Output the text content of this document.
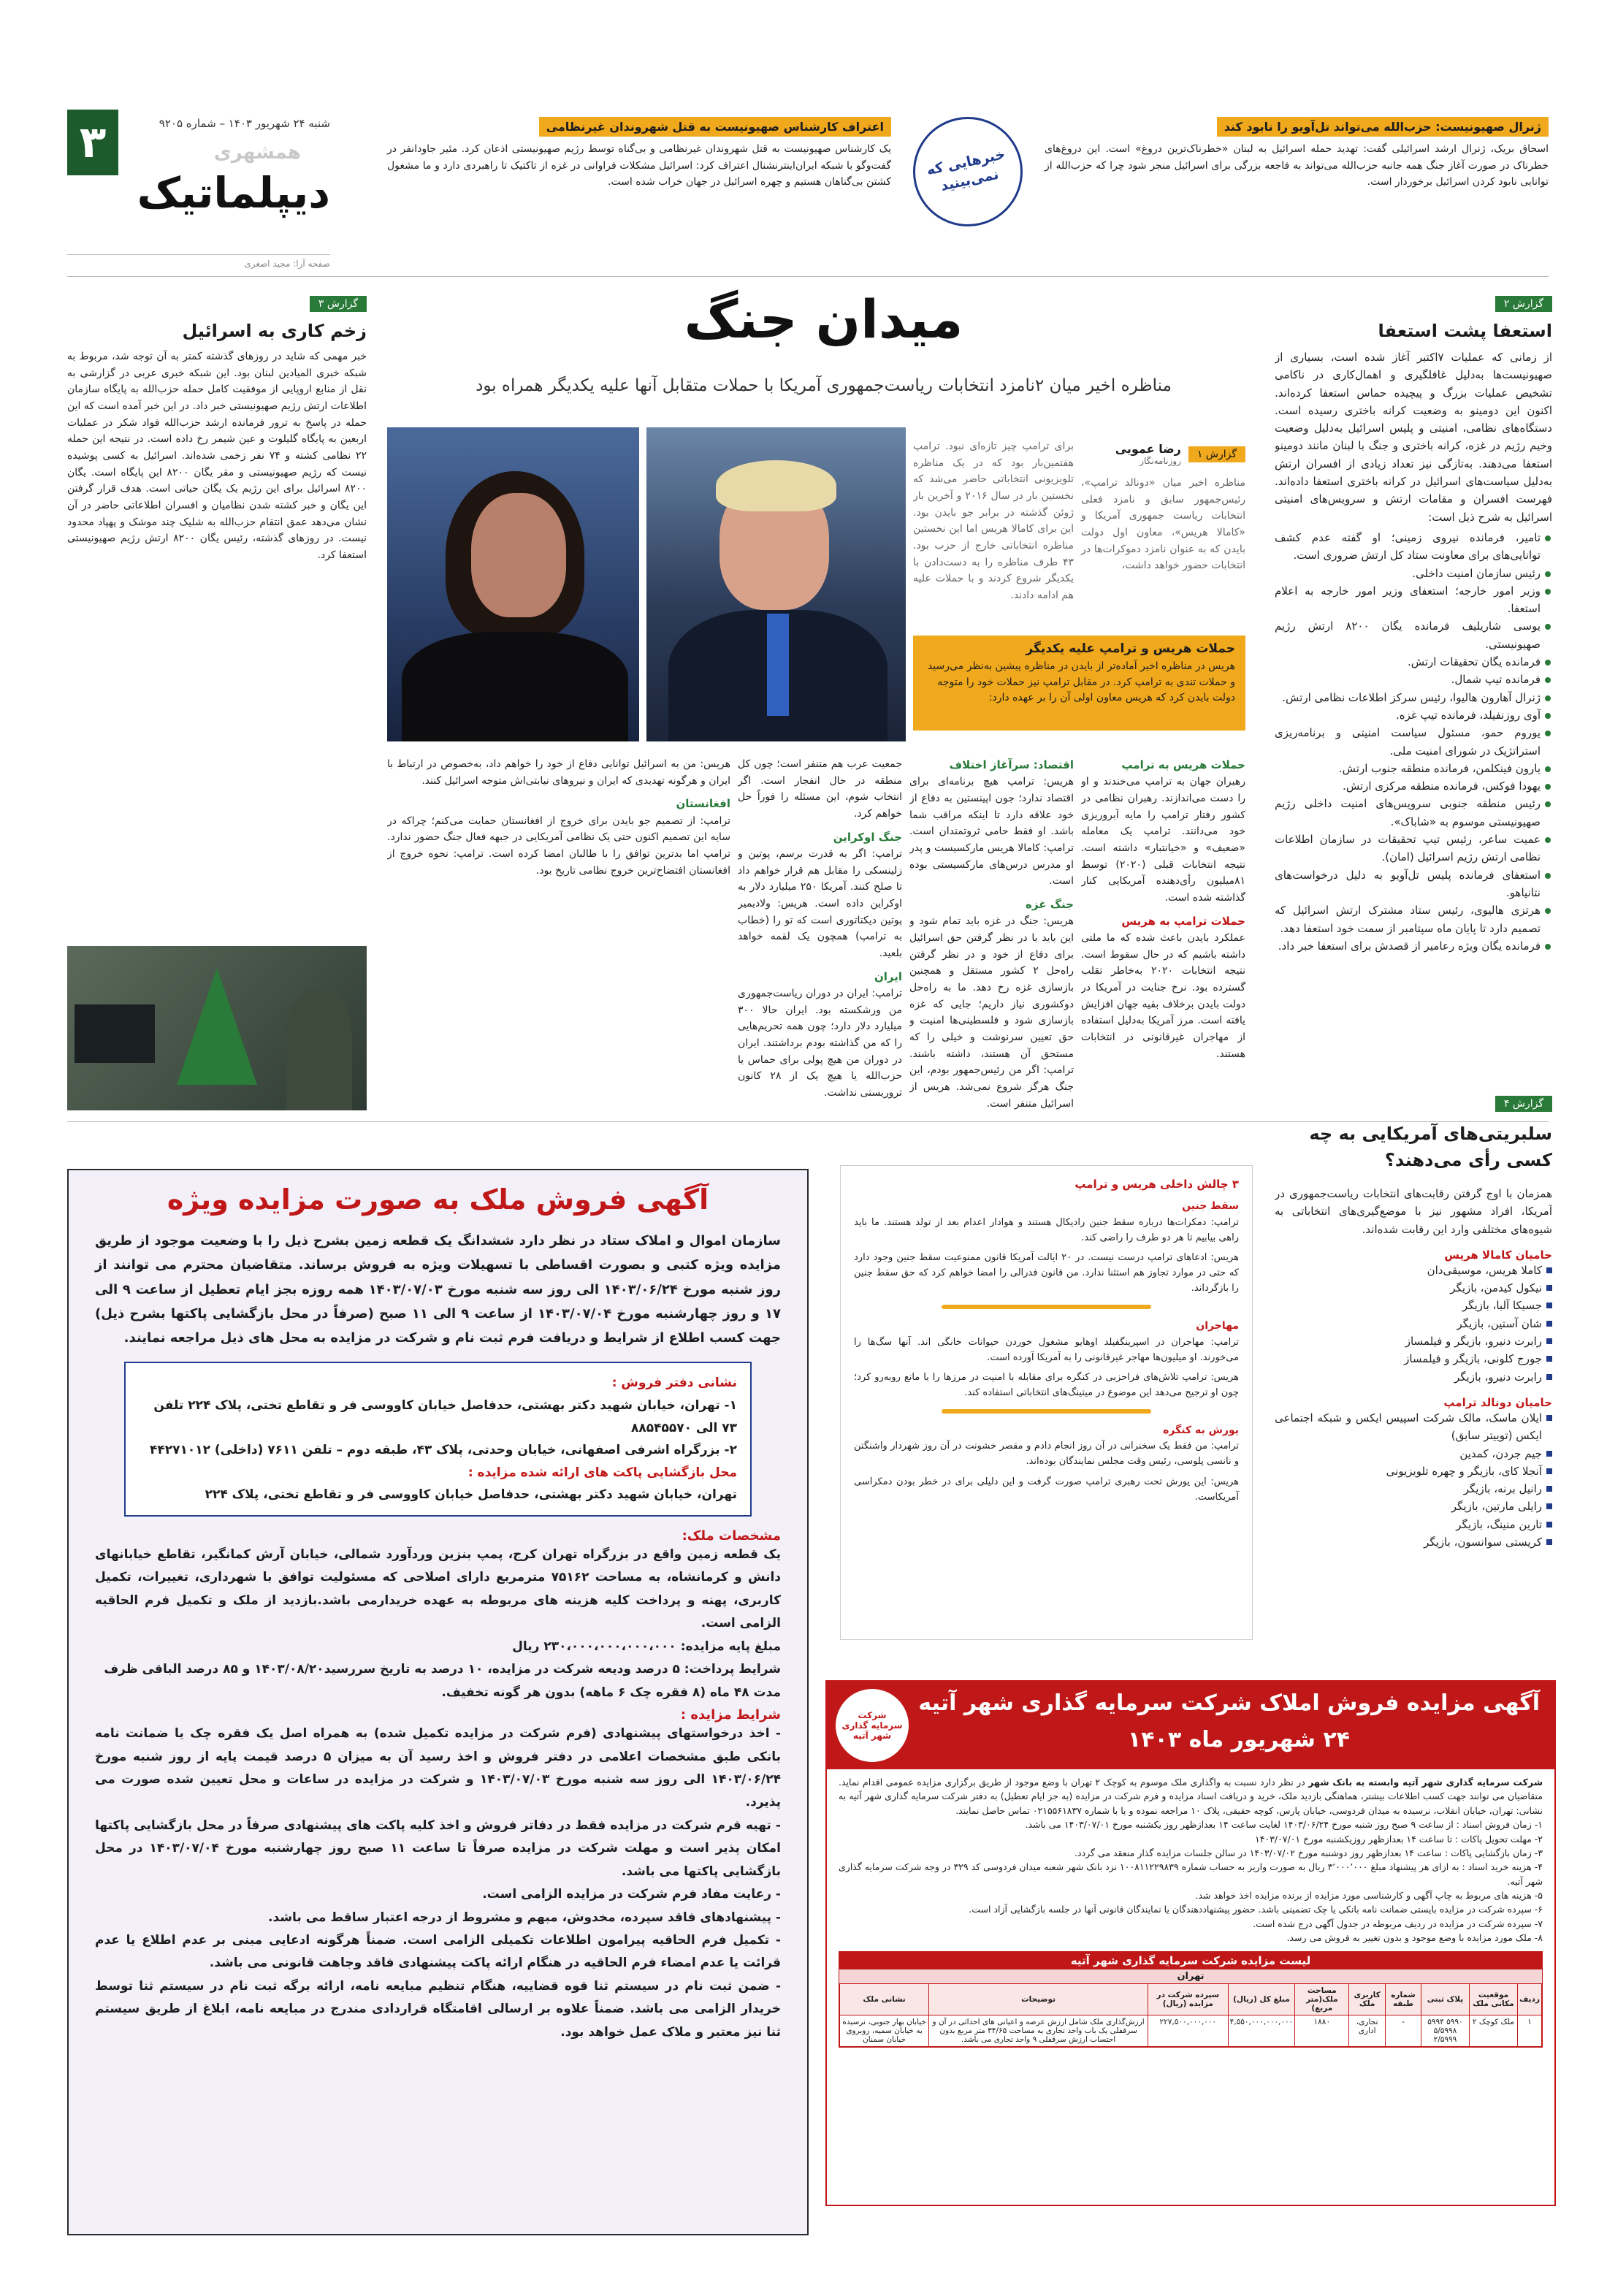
۳	شنبه ۲۴ شهریور ۱۴۰۳ – شماره ۹۲۰۵
همشهری
دیپلماتیک
صفحه آرا: مجید اصغری
ژنرال صهیونیست: حزب‌الله می‌تواند تل‌آویو را نابود کند
اسحاق بریک، ژنرال ارشد اسرائیلی گفت: تهدید حمله اسرائیل به لبنان «خطرناک‌ترین دروغ» است. این دروغ‌های خطرناک در صورت آغاز جنگ همه جانبه حزب‌الله می‌تواند به فاجعه بزرگی برای اسرائیل منجر شود چرا که حزب‌الله از توانایی نابود کردن اسرائیل برخوردار است.
خبرهایی که نمی‌بینید
اعتراف کارشناس صهیونیست به قتل شهروندان غیرنظامی
یک کارشناس صهیونیست به قتل شهروندان غیرنظامی و بی‌گناه توسط رژیم صهیونیستی اذعان کرد. مئیر جاودانفر در گفت‌وگو با شبکه ایران‌اینترنشنال اعتراف کرد: اسرائیل مشکلات فراوانی در غزه از تاکتیک تا راهبردی دارد و ما مشغول کشتن بی‌گناهان هستیم و چهره اسرائیل در جهان خراب شده است.
گزارش ۲
استعفا پشت استعفا
از زمانی که عملیات ۷اکتبر آغاز شده است، بسیاری از صهیونیست‌ها به‌دلیل غافلگیری و اهمال‌کاری در ناکامی تشخیص عملیات بزرگ و پیچیده حماس استعفا کرده‌اند. اکنون این دومینو به وضعیت کرانه باختری رسیده است. دستگاه‌های نظامی، امنیتی و پلیس اسرائیل به‌دلیل وضعیت وخیم رژیم در غزه، کرانه باختری و جنگ با لبنان مانند دومینو استعفا می‌دهند. به‌تازگی نیز تعداد زیادی از افسران ارتش به‌دلیل سیاست‌های اسرائیل در کرانه باختری استعفا داده‌اند. فهرست افسران و مقامات ارتش و سرویس‌های امنیتی اسرائیل به شرح ذیل است:

تامیر، فرمانده نیروی زمینی؛ او گفته عدم کشف توانایی‌های برای معاونت ستاد کل ارتش ضروری است.

رئیس سازمان امنیت داخلی.

وزیر امور خارجه؛ استعفای وزیر امور خارجه به اعلام استعفا.

یوسی شاریلیف فرمانده یگان ۸۲۰۰ ارتش رژیم صهیونیستی.

فرمانده یگان تحقیقات ارتش.

فرمانده تیپ شمال.

ژنرال آهارون هالیوا، رئیس سرکز اطلاعات نظامی ارتش.

آوی روزنفیلد، فرمانده تیپ غزه.

یوروم حمو، مسئول سیاست امنیتی و برنامه‌ریزی استراتژیک در شورای امنیت ملی.

یارون فینکلمن، فرمانده منطقه جنوب ارتش.

یهودا فوکس، فرمانده منطقه مرکزی ارتش.

رئیس منطقه جنوبی سرویس‌های امنیت داخلی رژیم صهیونیستی موسوم به «شاباک».

عمیت ساعر، رئیس تیپ تحقیقات در سازمان اطلاعات نظامی ارتش رژیم اسرائیل (امان).

استعفای فرمانده پلیس تل‌آویو به دلیل درخواست‌های نتانیاهو.

هرتزی هالیوی، رئیس ستاد مشترک ارتش اسرائیل که تصمیم دارد تا پایان ماه سپتامبر از سمت خود استعفا دهد.

فرمانده یگان ویژه رعامیر از قصدش برای استعفا خبر داد.

گزارش ۴
سلبریتی‌های آمریکایی به چه کسی رأی می‌دهند؟
همزمان با اوج گرفتن رقابت‌های انتخابات ریاست‌جمهوری در آمریکا، افراد مشهور نیز با موضع‌گیری‌های انتخاباتی به شیوه‌های مختلفی وارد این رقابت شده‌اند.
حامیان کامالا هریس

کاملا هریس، موسیقی‌دان

نیکول کیدمن، بازیگر

جسیکا آلبا، بازیگر

شان آستین، بازیگر

رابرت دنیرو، بازیگر و فیلمساز

جورج کلونی، بازیگر و فیلمساز

رابرت دنیرو، بازیگر

حامیان دونالد ترامپ

ایلان ماسک، مالک شرکت اسپیس ایکس و شبکه اجتماعی ایکس (توییتر سابق)

جیم جردن، کمدین

آنجلا کای، بازیگر و چهره تلویزیونی

رانیل برنه، بازیگر

رایلی مارتین، بازیگر

تارین منینگ، بازیگر

کریستی سوانسون، بازیگر

میدان جنگ
مناظره اخیر میان ۲نامزد انتخابات ریاست‌جمهوری آمریکا با حملات متقابل آنها علیه یکدیگر همراه بود
گزارش ۱
رضا عمویی
روزنامه‌نگار
مناظره اخیر میان «دونالد ترامپ»، رئیس‌جمهور سابق و نامزد فعلی انتخابات ریاست جمهوری آمریکا و «کامالا هریس»، معاون اول دولت بایدن که به عنوان نامزد دموکرات‌ها در انتخابات حضور خواهد داشت،
برای ترامپ چیز تازه‌ای نبود. ترامپ هفتمین‌بار بود که در یک مناظره تلویزیونی انتخاباتی حاضر می‌شد که نخستین بار در سال ۲۰۱۶ و آخرین بار ژوئن گذشته در برابر جو بایدن بود. این برای کامالا هریس اما این نخستین مناظره انتخاباتی خارج از حزب بود. ۴۳ طرف مناظره را به دست‌دادن با یکدیگر شروع کردند و با حملات علیه هم ادامه دادند.
حملات هریس و ترامپ علیه یکدیگر
هریس در مناظره اخیر آماده‌تر از بایدن در مناظره پیشین به‌نظر می‌رسید و حملات تندی به ترامپ کرد. در مقابل ترامپ نیز حملات خود را متوجه دولت بایدن کرد که هریس معاون اولی آن را بر عهده دارد:
حملات هریس به ترامپ

رهبران جهان به ترامپ می‌خندند و او را دست می‌اندازند. رهبران نظامی در کشور رفتار ترامپ را مایه آبروریزی خود می‌دانند. ترامپ یک معامله «ضعیف» و «خیانتبار» داشته است. نتیجه انتخابات قبلی (۲۰۲۰) توسط ۸۱میلیون رأی‌دهنده آمریکایی کنار گذاشته شده است.

حملات ترامپ به هریس

عملکرد بایدن باعث شده که ما ملتی داشته باشیم که در حال سقوط است. نتیجه انتخابات ۲۰۲۰ به‌خاطر تقلب گسترده بود. نرخ جنایت در آمریکا در دولت بایدن برخلاف بقیه جهان افزایش یافته است. مرز آمریکا به‌دلیل استفاده از مهاجران غیرقانونی در انتخابات هستند.

اقتصاد: سرآغاز اختلاف

هریس: ترامپ هیچ برنامه‌ای برای اقتصاد ندارد؛ جون اپینستین به دفاع از خود علاقه دارد تا اینکه مراقب شما باشد. او فقط حامی ثروتمندان است. ترامپ: کامالا هریس مارکسیست و پدر او مدرس درس‌های مارکسیستی بوده است.

جنگ غزه

هریس: جنگ در غزه باید تمام شود و این باید با در نظر گرفتن حق اسرائیل برای دفاع از خود و در نظر گرفتن راه‌حل ۲ کشور مستقل و همچنین بازسازی غزه رخ دهد. ما به راه‌حل دوکشوری نیاز داریم؛ جایی که غزه بازسازی شود و فلسطینی‌ها امنیت و حق تعیین سرنوشت و خیلی را که مستحق آن هستند، داشته باشند. ترامپ: اگر من رئیس‌جمهور بودم، این جنگ هرگز شروع نمی‌شد. هریس از اسرائیل متنفر است.

جمعیت عرب هم متنفر است؛ چون کل منطقه در حال انفجار است. اگر انتخاب شوم، این مسئله را فوراً حل خواهم کرد.

جنگ اوکراین

ترامپ: اگر به قدرت برسم، پوتین و زلینسکی را مقابل هم قرار خواهم داد تا صلح کنند. آمریکا ۲۵۰ میلیارد دلار به اوکراین داده است. هریس: ولادیمیر پوتین دیکتاتوری است که تو را (خطاب به ترامپ) همچون یک لقمه خواهد بلعید.

ایران

ترامپ: ایران در دوران ریاست‌جمهوری من ورشکسته بود. ایران حالا ۳۰۰ میلیارد دلار دارد؛ چون همه تحریم‌هایی را که من گذاشته بودم برداشتند. ایران در دوران من هیچ پولی برای حماس یا حزب‌الله یا هیچ یک از ۲۸ کانون تروریستی نداشت.

هریس: من به اسرائیل توانایی دفاع از خود را خواهم داد، به‌خصوص در ارتباط با ایران و هرگونه تهدیدی که ایران و نیروهای نیابتی‌اش متوجه اسرائیل کنند.

افغانستان

ترامپ: از تصمیم جو بایدن برای خروج از افغانستان حمایت می‌کنم؛ چراکه در سایه این تصمیم اکنون حتی یک نظامی آمریکایی در جبهه فعال جنگ حضور ندارد. ترامپ اما بدترین توافق را با طالبان امضا کرده است. ترامپ: نحوه خروج از افغانستان افتضاح‌ترین خروج نظامی تاریخ بود.

گزارش ۳
زخم کاری به اسرائیل
خبر مهمی که شاید در روزهای گذشته کمتر به آن توجه شد، مربوط به شبکه خبری الميادين لبنان بود. این شبکه خبری عربی در گزارشی به نقل از منابع اروپایی از موفقیت کامل حمله حزب‌الله به پایگاه سازمان اطلاعات ارتش رژیم صهیونیستی خبر داد. در این خبر آمده است که این حمله در پاسخ به ترور فرمانده ارشد حزب‌الله فواد شکر در عملیات اربعین به پایگاه گلیلوت و عین شیمر رخ داده است. در نتیجه این حمله ۲۲ نظامی کشته و ۷۴ نفر زخمی شده‌اند. اسرائیل به کسی پوشیده نیست که رژیم صهیونیستی و مقر یگان ۸۲۰۰ این پایگاه است. یگان ۸۲۰۰ اسرائیل برای این رژیم یک یگان حیاتی است. هدف قرار گرفتن این یگان و خبر کشته شدن نظامیان و افسران اطلاعاتی حاضر در آن نشان می‌دهد عمق انتقام حزب‌الله به شلیک چند موشک و پهپاد محدود نیست. در روزهای گذشته، رئیس یگان ۸۲۰۰ ارتش رژیم صهیونیستی استعفا کرد.
۳ چالش داخلی هریس و ترامپ
سقط جنین

ترامپ: دمکرات‌ها درباره سقط جنین رادیکال هستند و هوادار اعدام بعد از تولد هستند. ما باید راهی بیابیم تا هر دو طرف را راضی کند.

هریس: ادعاهای ترامپ درست نیست. در ۲۰ ایالت آمریکا قانون ممنوعیت سقط جنین وجود دارد که حتی در موارد تجاوز هم استثنا ندارد. من قانون فدرالی را امضا خواهم کرد که حق سقط جنین را بازگرداند.

مهاجران

ترامپ: مهاجران در اسپرینگفیلد اوهایو مشغول خوردن حیوانات خانگی اند. آنها سگ‌ها را می‌خورند. او میلیون‌ها مهاجر غیرقانونی را به آمریکا آورده است.

هریس: ترامپ تلاش‌های فراحزبی در کنگره برای مقابله با امنیت در مرزها را با مانع روبه‌رو کرد؛ چون او ترجیح می‌دهد این موضوع در میتینگ‌های انتخاباتی استفاده کند.

یورش به کنگره

ترامپ: من فقط یک سخنرانی در آن روز انجام دادم و مقصر خشونت در آن روز شهردار واشنگتن و نانسی پلوسی، رئیس وقت مجلس نمایندگان بوده‌اند.

هریس: این یورش تحت رهبری ترامپ صورت گرفت و این دلیلی برای در خطر بودن دمکراسی آمریکاست.

آگهی فروش ملک به صورت مزایده ویژه
سازمان اموال و املاک ستاد در نظر دارد ششدانگ یک قطعه زمین بشرح ذیل را با وضعیت موجود از طریق مزایده ویژه کتبی و بصورت اقساطی با تسهیلات ویژه به فروش برساند. متقاضیان محترم می توانند از روز شنبه مورخ ۱۴۰۳/۰۶/۲۴ الی روز سه شنبه مورخ ۱۴۰۳/۰۷/۰۳ همه روزه بجز ایام تعطیل از ساعت ۹ الی ۱۷ و روز چهارشنبه مورخ ۱۴۰۳/۰۷/۰۴ از ساعت ۹ الی ۱۱ صبح (صرفاً در محل بازگشایی پاکتها بشرح ذیل) جهت کسب اطلاع از شرایط و دریافت فرم ثبت نام و شرکت در مزایده به محل های ذیل مراجعه نمایند.
نشانی دفتر فروش :
۱- تهران، خیابان شهید دکتر بهشتی، حدفاصل خیابان کاووسی فر و تقاطع تختی، پلاک ۲۲۴ تلفن ۷۳ الی ۸۸۵۴۵۵۷۰
۲- بزرگراه اشرفی اصفهانی، خیابان وحدتی، پلاک ۴۳، طبقه دوم – تلفن ۷۶۱۱ (داخلی) ۴۴۲۷۱۰۱۲
محل بازگشایی پاکت های ارائه شده مزایده :
تهران، خیابان شهید دکتر بهشتی، حدفاصل خیابان کاووسی فر و تقاطع تختی، پلاک ۲۲۴
مشخصات ملک:
یک قطعه زمین واقع در بزرگراه تهران کرج، پمپ بنزین وردآورد شمالی، خیابان آرش کمانگیر، تقاطع خیابانهای دانش و کرمانشاه، به مساحت ۷۵۱۶۲ مترمربع دارای اصلاحی که مسئولیت توافق با شهرداری، تغییرات، تکمیل کاربری، پهنه و پرداخت کلیه هزینه های مربوطه به عهده خریدارمی باشد.بازدید از ملک و تکمیل فرم الحاقیه الزامی است.
مبلغ پایه مزایده: ۲۳۰،۰۰۰،۰۰۰،۰۰۰،۰۰۰ ریال
شرایط پرداخت: ۵ درصد ودیعه شرکت در مزایده، ۱۰ درصد به تاریخ سررسید۱۴۰۳/۰۸/۲۰ و ۸۵ درصد الباقی ظرف مدت ۴۸ ماه (۸ فقره چک ۶ ماهه) بدون هر گونه تخفیف.
شرایط مزایده :

- اخذ درخواستهای پیشنهادی (فرم شرکت در مزایده تکمیل شده) به همراه اصل یک فقره چک یا ضمانت نامه بانکی طبق مشخصات اعلامی در دفتر فروش و اخذ رسید آن به میزان ۵ درصد قیمت پایه از روز شنبه مورخ ۱۴۰۳/۰۶/۲۴ الی روز سه شنبه مورخ ۱۴۰۳/۰۷/۰۳ و شرکت در مزایده در ساعات و محل تعیین شده صورت می پذیرد.

- تهیه فرم شرکت در مزایده فقط در دفاتر فروش و اخذ کلیه پاکت های پیشنهادی صرفاً در محل بازگشایی پاکتها امکان پذیر است و مهلت شرکت در مزایده صرفاً تا ساعت ۱۱ صبح روز چهارشنبه مورخ ۱۴۰۳/۰۷/۰۴ در محل بازگشایی پاکتها می باشد.

- رعایت مفاد فرم شرکت در مزایده الزامی است.

- پیشنهادهای فاقد سپرده، مخدوش، مبهم و مشروط از درجه اعتبار ساقط می باشد.

- تکمیل فرم الحاقیه پیرامون اطلاعات تکمیلی الزامی است. ضمناً هرگونه ادعایی مبنی بر عدم اطلاع یا عدم قرائت یا عدم امضاء فرم الحاقیه در هنگام ارائه پاکت پیشنهادی فاقد وجاهت قانونی می باشد.

- ضمن ثبت نام در سیستم ثنا قوه قضاییه، هنگام تنظیم مبایعه نامه، ارائه برگه ثبت نام در سیستم ثنا توسط خریدار الزامی می باشد. ضمناً علاوه بر ارسالی اقامتگاه قراردادی مندرج در مبایعه نامه، ابلاغ از طریق سیستم ثنا نیز معتبر و ملاک عمل خواهد بود.

آگهی مزایده فروش املاک شرکت سرمایه گذاری شهر آتیه
۲۴ شهریور ماه ۱۴۰۳
شرکت سرمایه گذاری شهر آتیه
شرکت سرمایه گذاری شهر آتیه وابسته به بانک شهر در نظر دارد نسبت به واگذاری ملک موسوم به کوچک ۲ تهران با وضع موجود از طریق برگزاری مزایده عمومی اقدام نماید. متقاضیان می توانند جهت کسب اطلاعات بیشتر، هماهنگی بازدید ملک، خرید و دریافت اسناد مزایده و فرم شرکت در مزایده (به جز ایام تعطیل) به دفتر شرکت سرمایه گذاری شهر آتیه به نشانی: تهران، خیابان انقلاب، نرسیده به میدان فردوسی، خیابان پارس، کوچه حقیقی، پلاک ۱۰ مراجعه نموده و یا با شماره ۰۲۱۵۵۶۱۸۳۷ تماس حاصل نمایند.
۱- زمان فروش اسناد : از ساعت ۹ صبح روز شنبه مورخ ۱۴۰۳/۰۶/۲۴ لغایت ساعت ۱۴ بعدازظهر روز یکشنبه مورخ ۱۴۰۳/۰۷/۰۱ می باشد.
۲- مهلت تحویل پاکات : تا ساعت ۱۴ بعدازظهر روزیکشنبه مورخ ۱۴۰۳/۰۷/۰۱
۳- زمان بازگشایی پاکات : ساعت ۱۴ بعدازظهر روز دوشنبه مورخ ۱۴۰۳/۰۷/۰۲ در سالن جلسات مزایده گذار منعقد می گردد.
۴- هزینه خرید اسناد : به ازای هر پیشنهاد مبلغ ۳٬۰۰۰٬۰۰۰ ریال به صورت واریز به حساب شماره ۱۰۰۸۱۱۲۲۹۸۳۹ نزد بانک شهر شعبه میدان فردوسی کد ۳۲۹ در وجه شرکت سرمایه گذاری شهر آتیه.
۵- هزینه های مربوط به چاپ آگهی و کارشناسی مورد مزایده از برنده مزایده اخذ خواهد شد.
۶- سپرده شرکت در مزایده بایستی ضمانت نامه بانکی یا چک تضمینی باشد. حضور پیشنهاددهندگان یا نمایندگان قانونی آنها در جلسه بازگشایی آزاد است.
۷- سپرده شرکت در مزایده در ردیف مربوطه در جدول آگهی درج شده است.
۸- ملک مورد مزایده با وضع موجود و بدون تغییر به فروش می رسد.
لیست مزایده شرکت سرمایه گذاری شهر آتیه
تهران
ردیف	موقعیت مکانی ملک	پلاک ثبتی	شماره طبقه	کاربری ملک	مساحت ملک(متر مربع)	مبلغ کل (ریال)	سپرده شرکت در مزایده (ریال)	توضیحات	نشانی ملک
۱	ملک کوچک ۲	۵۹۹۰ ۵۹۹۴ ۵/۵۹۹۸ ۲/۵۹۹۹	-	تجاری، اداری	۱۸۸۰	۴,۵۵۰,۰۰۰,۰۰۰,۰۰۰	۲۲۷,۵۰۰,۰۰۰,۰۰۰	ارزش‌گذاری ملک شامل ارزش عرصه و اعیانی های احداثی در آن و سرقفلی یک باب واحد تجاری به مساحت ۳۴/۶۵ متر مربع بدون احتساب ارزش سرقفلی ۹ واحد تجاری می باشد.	خیابان بهار جنوبی، نرسیده به خیابان سمیه، روبروی خیابان سمنان
